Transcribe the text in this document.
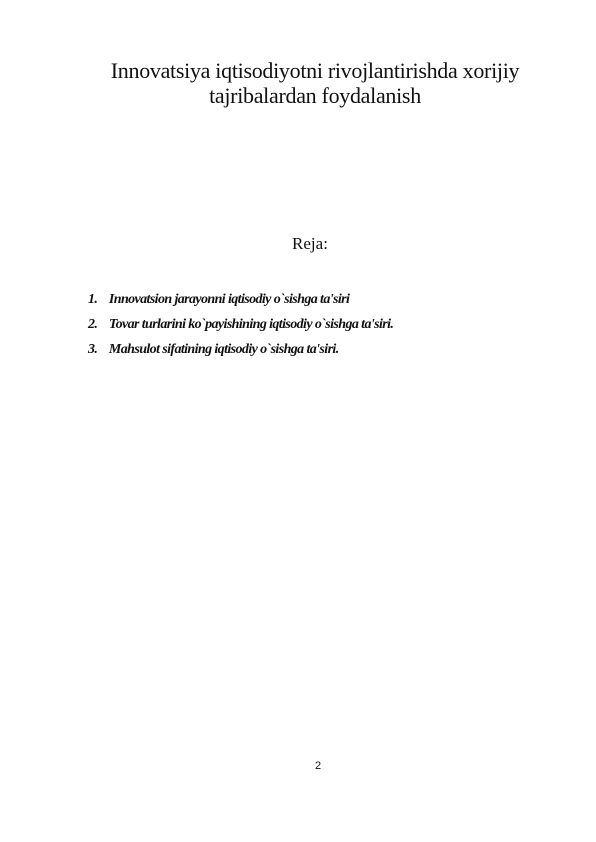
Innovatsiya iqtisodiyotni rivojlantirishda xorijiy
tajribalardan foydalanish
Reja:
1. Innovatsion jarayonni iqtisodiy o`sishga ta'siri
2. Tovar turlarini ko`payishining iqtisodiy o`sishga ta'siri.
3. Mahsulot sifatining iqtisodiy o`sishga ta'siri.
2
